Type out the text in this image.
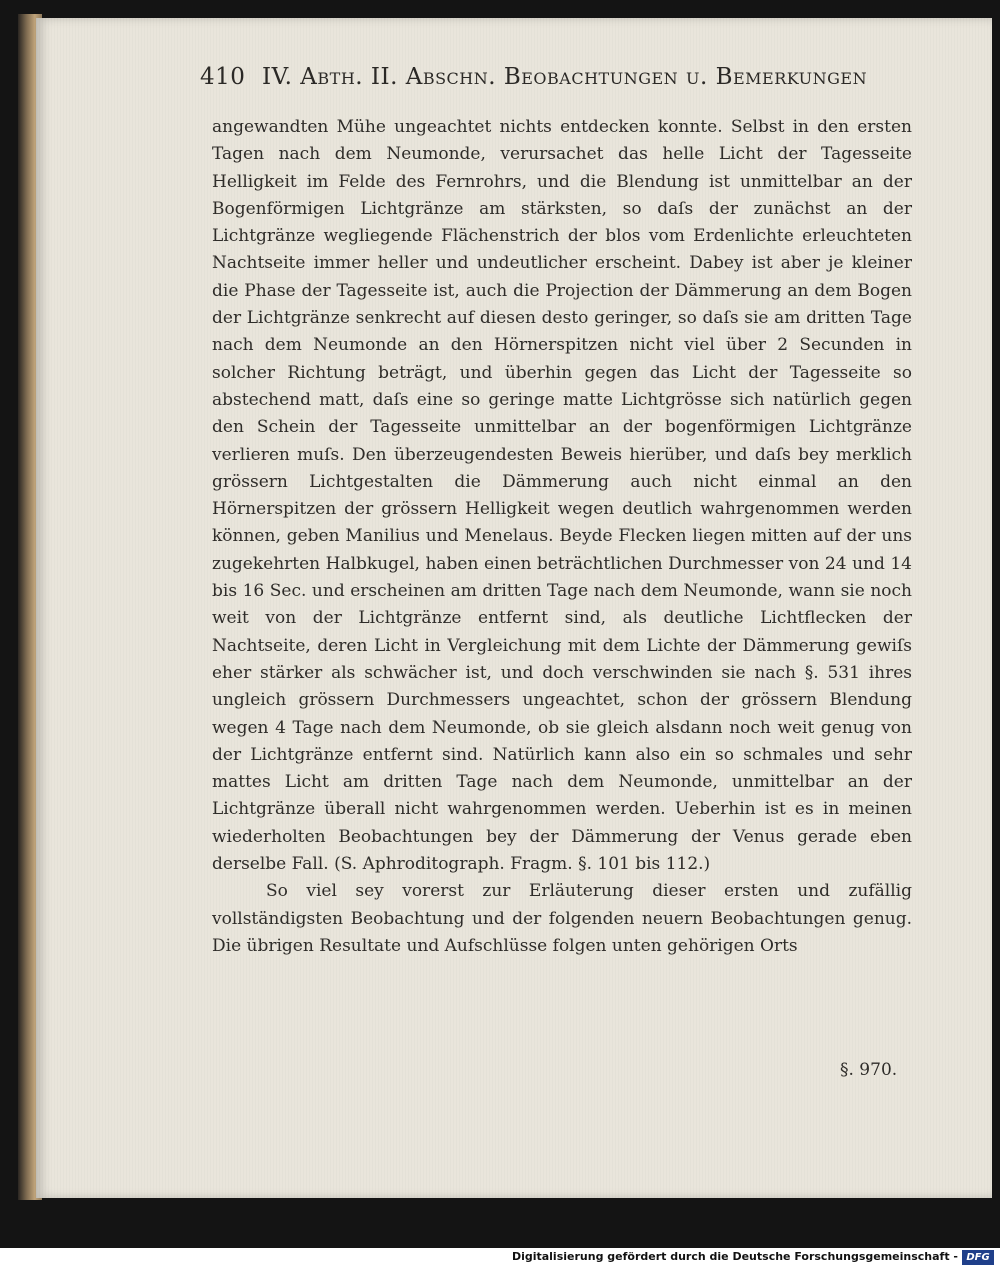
410 IV. Abth. II. Abschn. Beobachtungen u. Bemerkungen

angewandten Mühe ungeachtet nichts entdecken konnte. Selbst in den ersten Tagen nach dem Neumonde, verursachet das helle Licht der Tagesseite Helligkeit im Felde des Fernrohrs, und die Blendung ist unmittelbar an der Bogenförmigen Lichtgränze am stärksten, so daſs der zunächst an der Lichtgränze wegliegende Flächenstrich der blos vom Erdenlichte erleuchteten Nachtseite immer heller und undeutlicher erscheint. Dabey ist aber je kleiner die Phase der Tagesseite ist, auch die Projection der Dämmerung an dem Bogen der Lichtgränze senkrecht auf diesen desto geringer, so daſs sie am dritten Tage nach dem Neumonde an den Hörnerspitzen nicht viel über 2 Secunden in solcher Richtung beträgt, und überhin gegen das Licht der Tagesseite so abstechend matt, daſs eine so geringe matte Lichtgrösse sich natürlich gegen den Schein der Tagesseite unmittelbar an der bogenförmigen Lichtgränze verlieren muſs. Den überzeugendesten Beweis hierüber, und daſs bey merklich grössern Lichtgestalten die Dämmerung auch nicht einmal an den Hörnerspitzen der grössern Helligkeit wegen deutlich wahrgenommen werden können, geben Manilius und Menelaus. Beyde Flecken liegen mitten auf der uns zugekehrten Halbkugel, haben einen beträchtlichen Durchmesser von 24 und 14 bis 16 Sec. und erscheinen am dritten Tage nach dem Neumonde, wann sie noch weit von der Lichtgränze entfernt sind, als deutliche Lichtflecken der Nachtseite, deren Licht in Vergleichung mit dem Lichte der Dämmerung gewiſs eher stärker als schwächer ist, und doch verschwinden sie nach §. 531 ihres ungleich grössern Durchmessers ungeachtet, schon der grössern Blendung wegen 4 Tage nach dem Neumonde, ob sie gleich alsdann noch weit genug von der Lichtgränze entfernt sind. Natürlich kann also ein so schmales und sehr mattes Licht am dritten Tage nach dem Neumonde, unmittelbar an der Lichtgränze überall nicht wahrgenommen werden. Ueberhin ist es in meinen wiederholten Beobachtungen bey der Dämmerung der Venus gerade eben derselbe Fall. (S. Aphroditograph. Fragm. §. 101 bis 112.)

So viel sey vorerst zur Erläuterung dieser ersten und zufällig vollständigsten Beobachtung und der folgenden neuern Beobachtungen genug. Die übrigen Resultate und Aufschlüsse folgen unten gehörigen Orts

§. 970.
Digitalisierung gefördert durch die Deutsche Forschungsgemeinschaft - DFG
